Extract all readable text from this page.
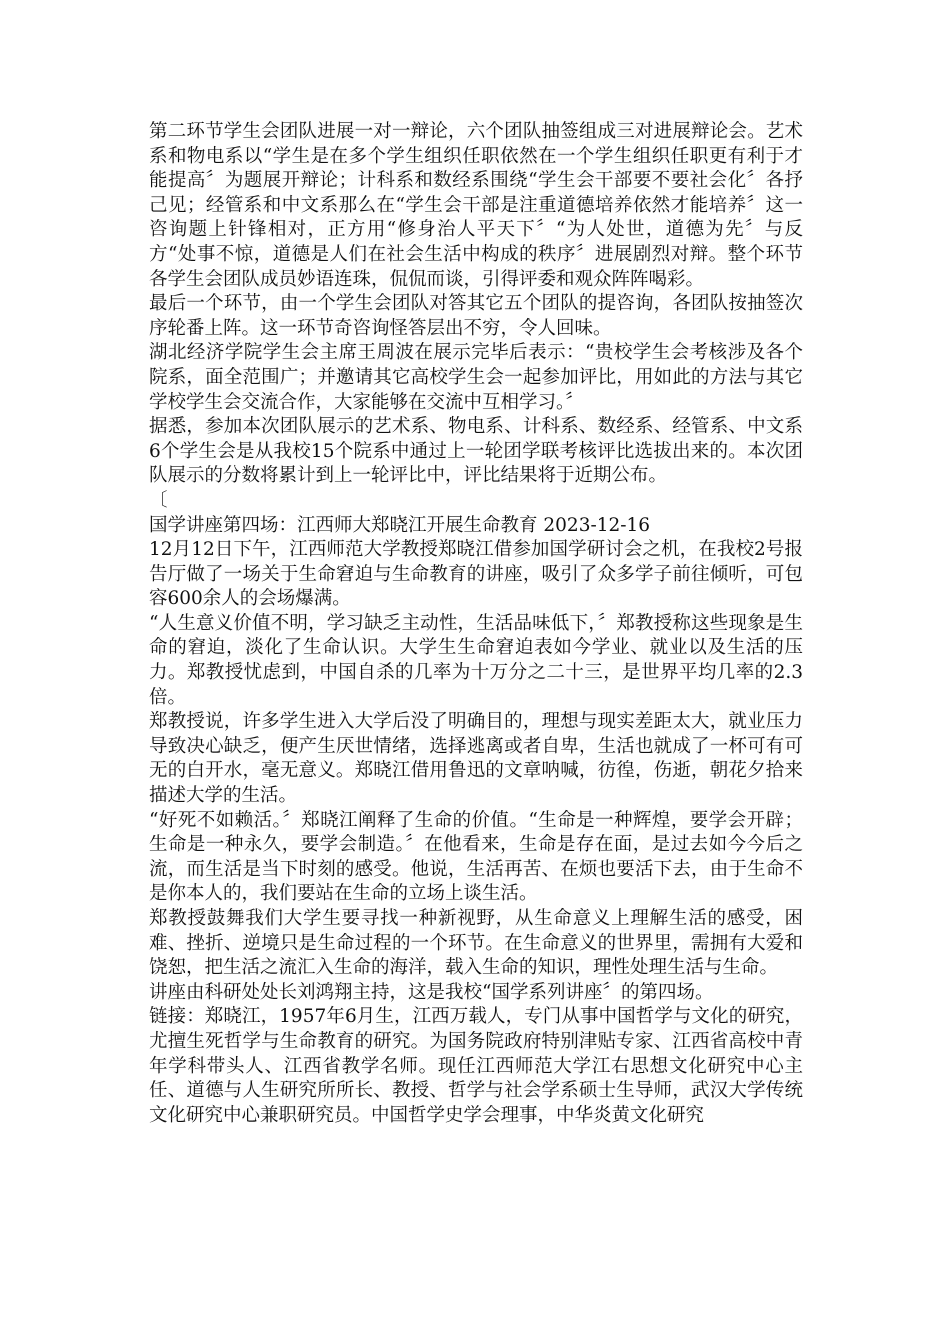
第二环节学生会团队进展一对一辩论，六个团队抽签组成三对进展辩论会。艺术系和物电系以“学生是在多个学生组织任职依然在一个学生组织任职更有利于才能提高〞为题展开辩论；计科系和数经系围绕“学生会干部要不要社会化〞各抒己见；经管系和中文系那么在“学生会干部是注重道德培养依然才能培养〞这一咨询题上针锋相对，正方用“修身治人平天下〞“为人处世，道德为先〞与反方“处事不惊，道德是人们在社会生活中构成的秩序〞进展剧烈对辩。整个环节各学生会团队成员妙语连珠，侃侃而谈，引得评委和观众阵阵喝彩。

最后一个环节，由一个学生会团队对答其它五个团队的提咨询，各团队按抽签次序轮番上阵。这一环节奇咨询怪答层出不穷，令人回味。

湖北经济学院学生会主席王周波在展示完毕后表示：“贵校学生会考核涉及各个院系，面全范围广；并邀请其它高校学生会一起参加评比，用如此的方法与其它学校学生会交流合作，大家能够在交流中互相学习。〞

据悉，参加本次团队展示的艺术系、物电系、计科系、数经系、经管系、中文系6个学生会是从我校15个院系中通过上一轮团学联考核评比选拔出来的。本次团队展示的分数将累计到上一轮评比中，评比结果将于近期公布。

〔

国学讲座第四场：江西师大郑晓江开展生命教育 2023-12-16

12月12日下午，江西师范大学教授郑晓江借参加国学研讨会之机，在我校2号报告厅做了一场关于生命窘迫与生命教育的讲座，吸引了众多学子前往倾听，可包容600余人的会场爆满。

“人生意义价值不明，学习缺乏主动性，生活品味低下，〞郑教授称这些现象是生命的窘迫，淡化了生命认识。大学生生命窘迫表如今学业、就业以及生活的压力。郑教授忧虑到，中国自杀的几率为十万分之二十三，是世界平均几率的2.3倍。

郑教授说，许多学生进入大学后没了明确目的，理想与现实差距太大，就业压力导致决心缺乏，便产生厌世情绪，选择逃离或者自卑，生活也就成了一杯可有可无的白开水，毫无意义。郑晓江借用鲁迅的文章呐喊，彷徨，伤逝，朝花夕拾来描述大学的生活。

“好死不如赖活。〞郑晓江阐释了生命的价值。“生命是一种辉煌，要学会开辟；生命是一种永久，要学会制造。〞在他看来，生命是存在面，是过去如今今后之流，而生活是当下时刻的感受。他说，生活再苦、在烦也要活下去，由于生命不是你本人的，我们要站在生命的立场上谈生活。

郑教授鼓舞我们大学生要寻找一种新视野，从生命意义上理解生活的感受，困难、挫折、逆境只是生命过程的一个环节。在生命意义的世界里，需拥有大爱和饶恕，把生活之流汇入生命的海洋，载入生命的知识，理性处理生活与生命。

讲座由科研处处长刘鸿翔主持，这是我校“国学系列讲座〞的第四场。

链接：郑晓江，1957年6月生，江西万载人，专门从事中国哲学与文化的研究，尤擅生死哲学与生命教育的研究。为国务院政府特别津贴专家、江西省高校中青年学科带头人、江西省教学名师。现任江西师范大学江右思想文化研究中心主任、道德与人生研究所所长、教授、哲学与社会学系硕士生导师，武汉大学传统文化研究中心兼职研究员。中国哲学史学会理事，中华炎黄文化研究
